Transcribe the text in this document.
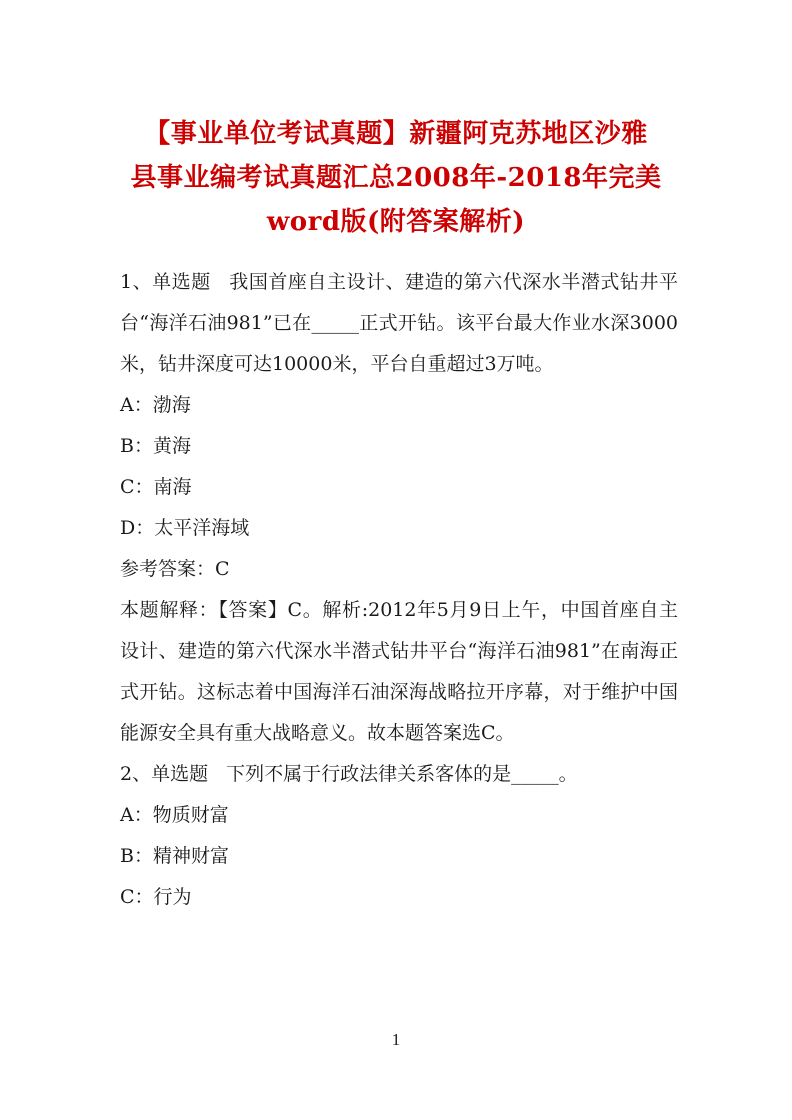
【事业单位考试真题】新疆阿克苏地区沙雅
县事业编考试真题汇总2008年-2018年完美
word版(附答案解析)

1、单选题 我国首座自主设计、建造的第六代深水半潜式钻井平台“海洋石油981”已在_____正式开钻。该平台最大作业水深3000米，钻井深度可达10000米，平台自重超过3万吨。

A：渤海

B：黄海

C：南海

D：太平洋海域

参考答案：C

本题解释：【答案】C。解析:2012年5月9日上午，中国首座自主设计、建造的第六代深水半潜式钻井平台“海洋石油981”在南海正式开钻。这标志着中国海洋石油深海战略拉开序幕，对于维护中国能源安全具有重大战略意义。故本题答案选C。

2、单选题 下列不属于行政法律关系客体的是_____。

A：物质财富

B：精神财富

C：行为

1
